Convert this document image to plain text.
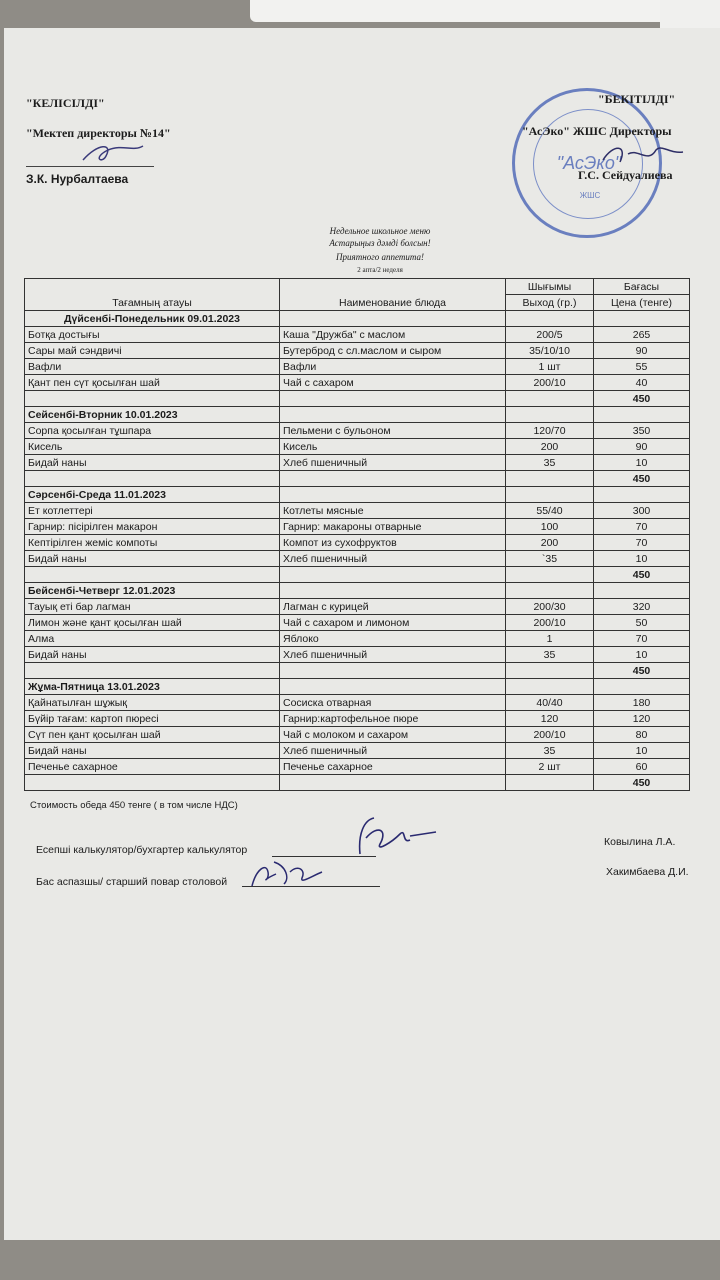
"КЕЛІСІЛДІ"
"Мектеп директоры №14"
З.К. Нурбалтаева
"АсЭко"
ЖШС
"БЕКІТІЛДІ"
"АсЭко" ЖШС Директоры
Г.С. Сейдуалиева
Недельное школьное меню
Астарыңыз дәмді болсын!
Приятного аппетита!
2 апта/2 неделя
Тағамның атауы	Наименование блюда	Шығымы	Бағасы
		Выход (гр.)	Цена (тенге)
Дүйсенбі-Понедельник 09.01.2023			
Ботқа достығы	Каша "Дружба" с маслом	200/5	265
Сары май сэндвичі	Бутерброд с сл.маслом и сыром	35/10/10	90
Вафли	Вафли	1 шт	55
Қант пен сүт қосылған шай	Чай с сахаром	200/10	40
			450
Сейсенбі-Вторник 10.01.2023			
Сорпа қосылған тұшпара	Пельмени с бульоном	120/70	350
Кисель	Кисель	200	90
Бидай наны	Хлеб пшеничный	35	10
			450
Сәрсенбі-Среда 11.01.2023			
Ет котлеттері	Котлеты мясные	55/40	300
Гарнир: пісірілген макарон	Гарнир: макароны отварные	100	70
Кептірілген жеміс компоты	Компот из сухофруктов	200	70
Бидай наны	Хлеб пшеничный	`35	10
			450
Бейсенбі-Четверг 12.01.2023			
Тауық еті бар лагман	Лагман с курицей	200/30	320
Лимон және қант қосылған шай	Чай с сахаром и лимоном	200/10	50
Алма	Яблоко	1	70
Бидай наны	Хлеб пшеничный	35	10
			450
Жұма-Пятница 13.01.2023			
Қайнатылған шұжық	Сосиска отварная	40/40	180
Бүйір тағам: картоп пюресі	Гарнир:картофельное пюре	120	120
Сүт пен қант қосылған шай	Чай с молоком и сахаром	200/10	80
Бидай наны	Хлеб пшеничный	35	10
Печенье сахарное	Печенье сахарное	2 шт	60
			450
Стоимость обеда 450 тенге ( в том числе НДС)
Есепші калькулятор/бухгартер калькулятор
Ковылина Л.А.
Бас аспазшы/ старший повар столовой
Хакимбаева Д.И.
